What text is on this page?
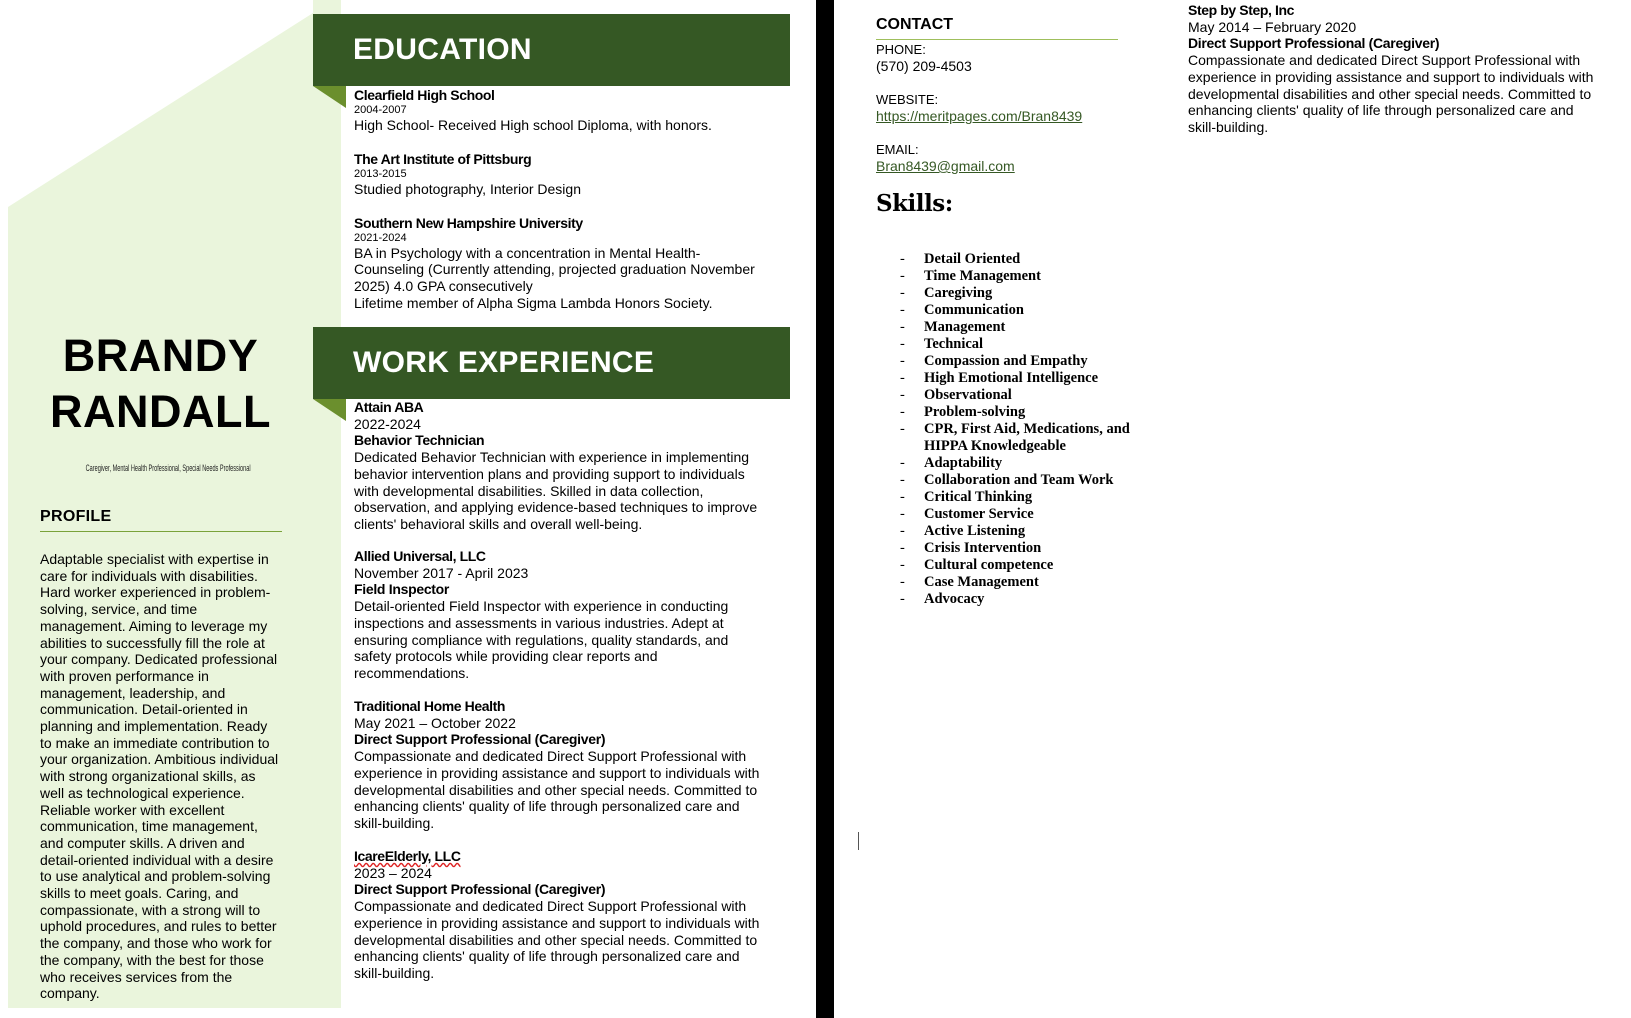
BRANDY
RANDALL
Caregiver, Mental Health Professional, Special Needs Professional
PROFILE
Adaptable specialist with expertise in care for individuals with disabilities. Hard worker experienced in problem-solving, service, and time management. Aiming to leverage my abilities to successfully fill the role at your company. Dedicated professional with proven performance in management, leadership, and communication. Detail-oriented in planning and implementation. Ready to make an immediate contribution to your organization. Ambitious individual with strong organizational skills, as well as technological experience. Reliable worker with excellent communication, time management, and computer skills. A driven and detail-oriented individual with a desire to use analytical and problem-solving skills to meet goals. Caring, and compassionate, with a strong will to uphold procedures, and rules to better the company, and those who work for the company, with the best for those who receives services from the company.
EDUCATION
Clearfield High School
2004-2007
High School- Received High school Diploma, with honors.
The Art Institute of Pittsburg
2013-2015
Studied photography, Interior Design
Southern New Hampshire University
2021-2024
BA in Psychology with a concentration in Mental Health-Counseling (Currently attending, projected graduation November 2025) 4.0 GPA consecutively
Lifetime member of Alpha Sigma Lambda Honors Society.
WORK EXPERIENCE
Attain ABA
2022-2024
Behavior Technician
Dedicated Behavior Technician with experience in implementing behavior intervention plans and providing support to individuals with developmental disabilities. Skilled in data collection, observation, and applying evidence-based techniques to improve clients' behavioral skills and overall well-being.
Allied Universal, LLC
November 2017 - April 2023
Field Inspector
Detail-oriented Field Inspector with experience in conducting inspections and assessments in various industries. Adept at ensuring compliance with regulations, quality standards, and safety protocols while providing clear reports and recommendations.
Traditional Home Health
May 2021 – October 2022
Direct Support Professional (Caregiver)
Compassionate and dedicated Direct Support Professional with experience in providing assistance and support to individuals with developmental disabilities and other special needs. Committed to enhancing clients' quality of life through personalized care and skill-building.
IcareElderly, LLC
2023 – 2024
Direct Support Professional (Caregiver)
Compassionate and dedicated Direct Support Professional with experience in providing assistance and support to individuals with developmental disabilities and other special needs. Committed to enhancing clients' quality of life through personalized care and skill-building.
CONTACT
PHONE:
(570) 209-4503
WEBSITE:
https://meritpages.com/Bran8439
EMAIL:
Bran8439@gmail.com
Skills:
- Detail Oriented
- Time Management
- Caregiving
- Communication
- Management
- Technical
- Compassion and Empathy
- High Emotional Intelligence
- Observational
- Problem-solving
- CPR, First Aid, Medications, and HIPPA Knowledgeable
- Adaptability
- Collaboration and Team Work
- Critical Thinking
- Customer Service
- Active Listening
- Crisis Intervention
- Cultural competence
- Case Management
- Advocacy
Step by Step, Inc
May 2014 – February 2020
Direct Support Professional (Caregiver)
Compassionate and dedicated Direct Support Professional with experience in providing assistance and support to individuals with developmental disabilities and other special needs. Committed to enhancing clients' quality of life through personalized care and skill-building.
